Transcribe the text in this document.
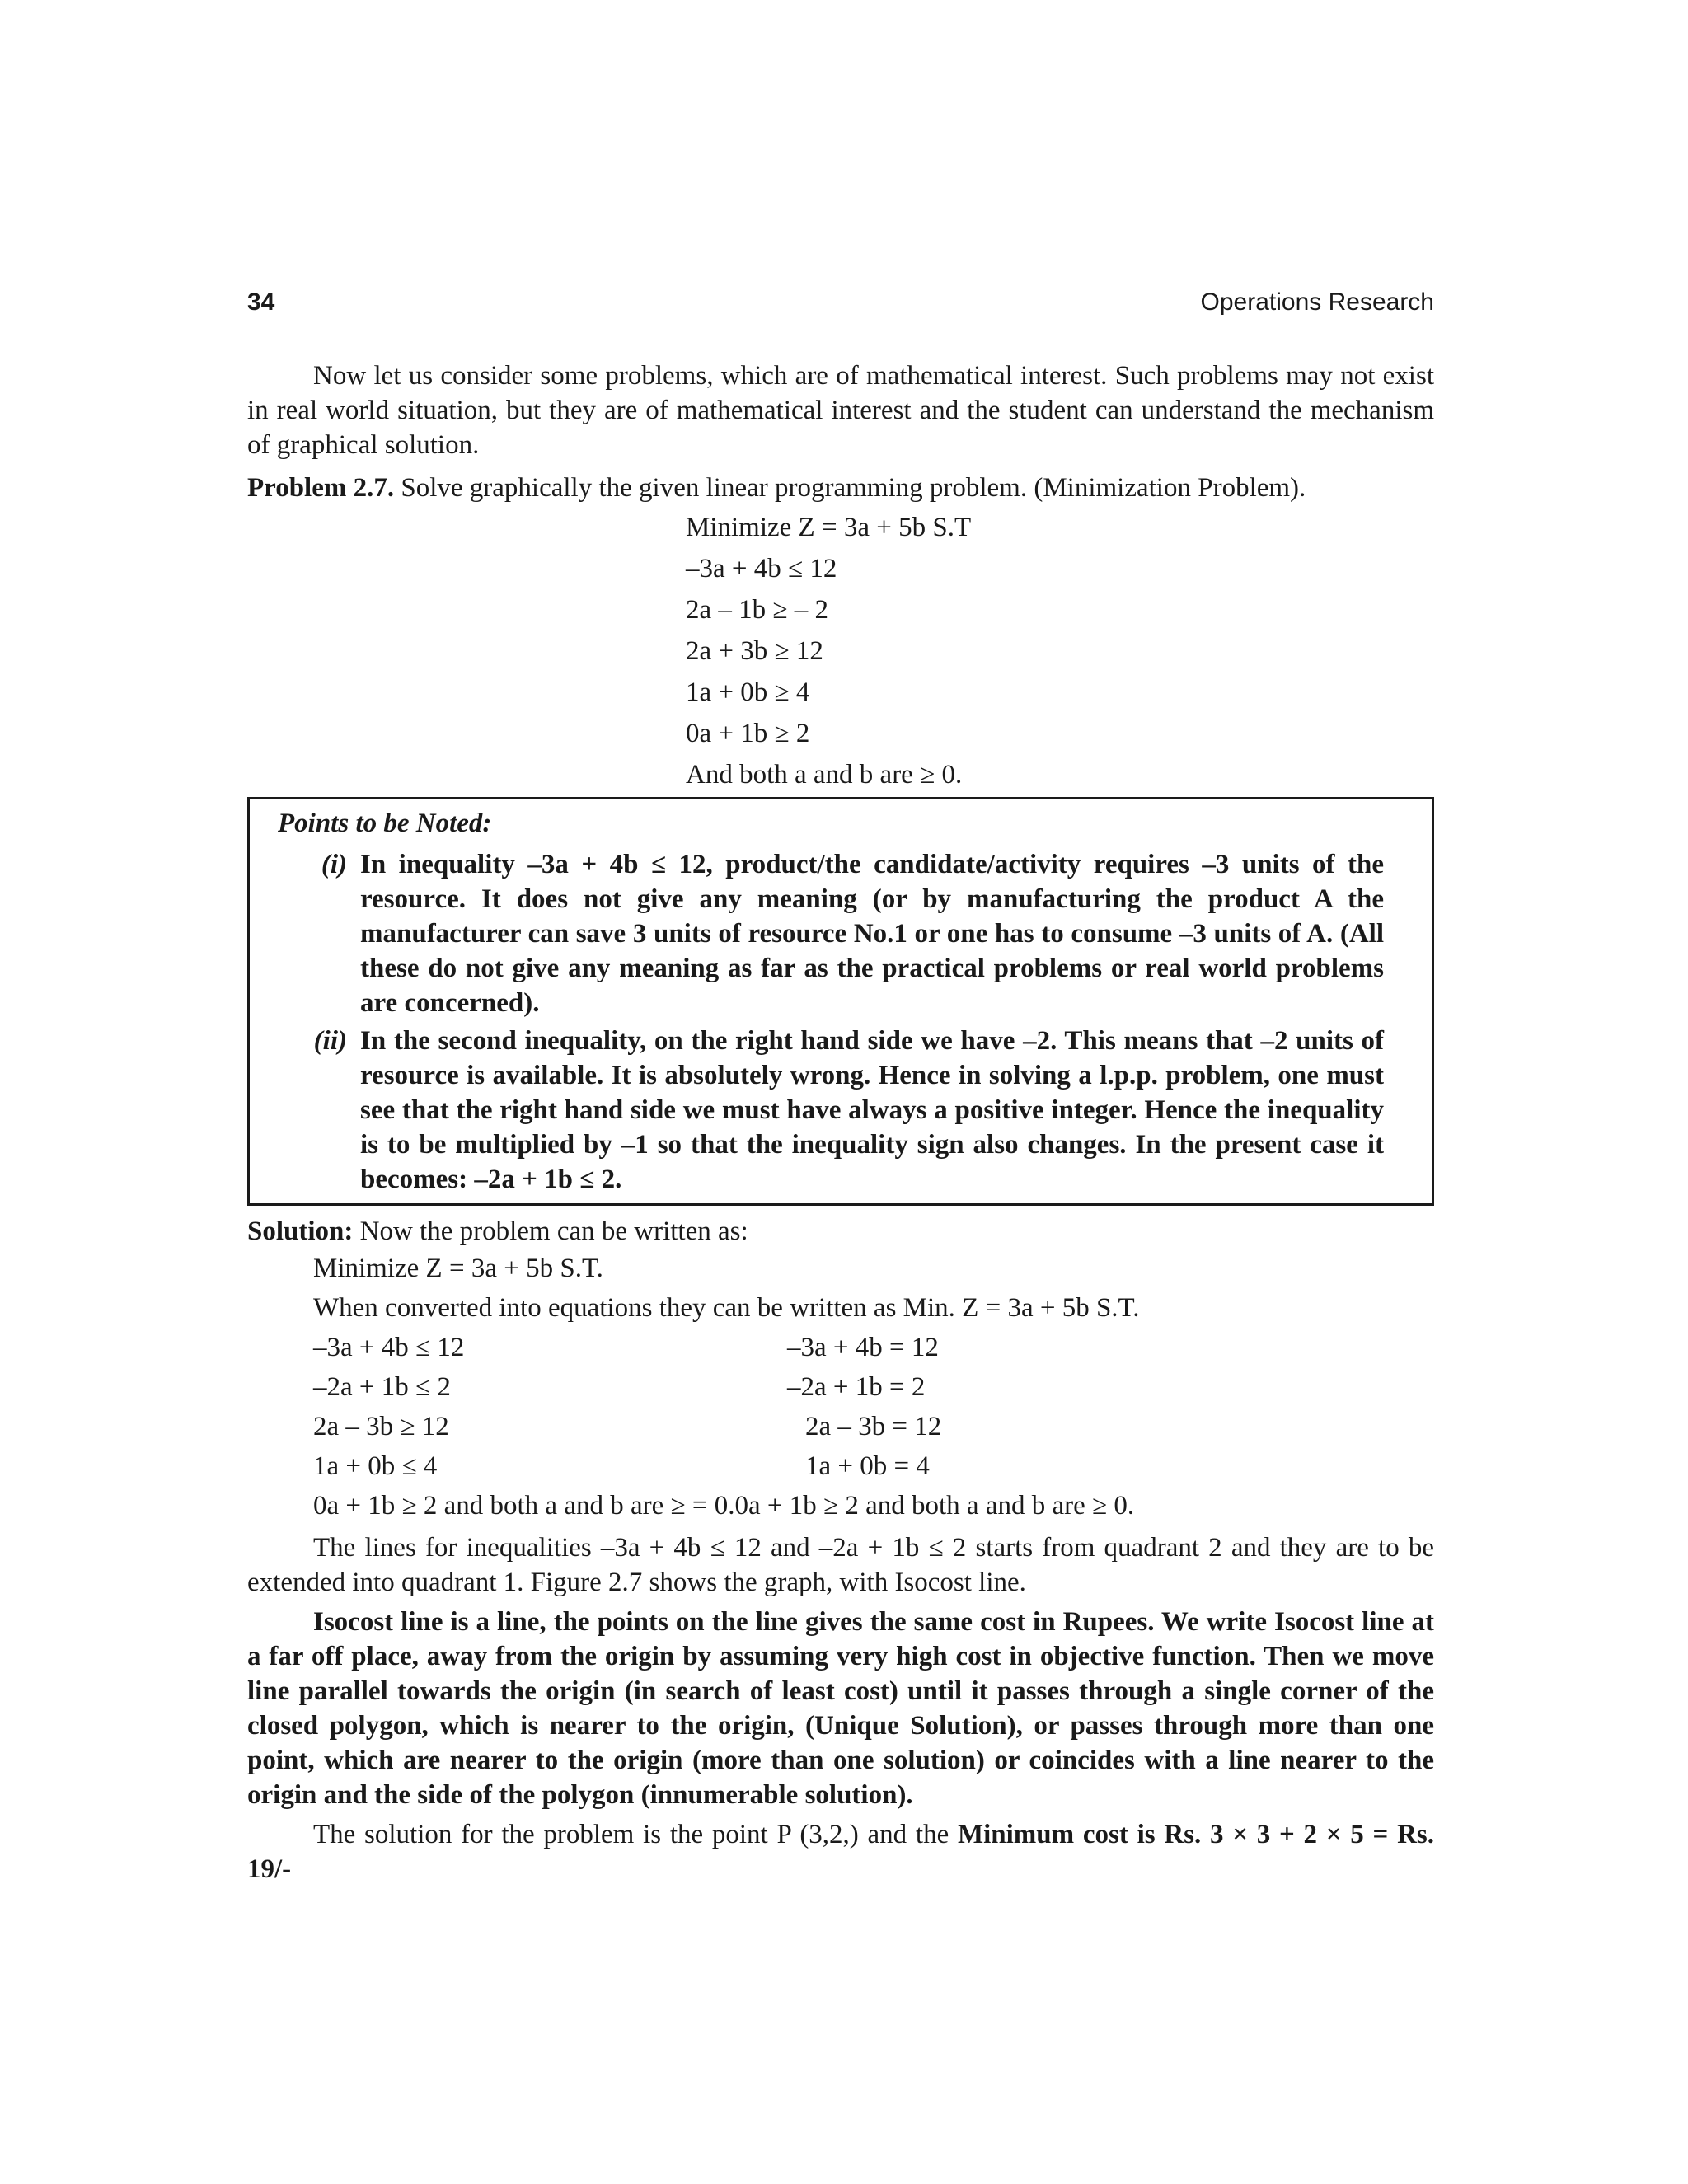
34	Operations Research

Now let us consider some problems, which are of mathematical interest. Such problems may not exist in real world situation, but they are of mathematical interest and the student can understand the mechanism of graphical solution.

Problem 2.7. Solve graphically the given linear programming problem. (Minimization Problem).

Minimize Z = 3a + 5b S.T
–3a + 4b ≤ 12
2a – 1b ≥ – 2
2a + 3b ≥ 12
1a + 0b ≥ 4
0a + 1b ≥ 2
And both a and b are ≥ 0.
Points to be Noted:
(i) In inequality –3a + 4b ≤ 12, product/the candidate/activity requires –3 units of the resource. It does not give any meaning (or by manufacturing the product A the manufacturer can save 3 units of resource No.1 or one has to consume –3 units of A. (All these do not give any meaning as far as the practical problems or real world problems are concerned).
(ii) In the second inequality, on the right hand side we have –2. This means that –2 units of resource is available. It is absolutely wrong. Hence in solving a l.p.p. problem, one must see that the right hand side we must have always a positive integer. Hence the inequality is to be multiplied by –1 so that the inequality sign also changes. In the present case it becomes: –2a + 1b ≤ 2.

Solution: Now the problem can be written as:

Minimize Z = 3a + 5b S.T.
When converted into equations they can be written as Min. Z = 3a + 5b S.T.
–3a + 4b ≤ 12	–3a + 4b = 12
–2a + 1b ≤ 2	–2a + 1b = 2
2a – 3b ≥ 12	2a – 3b = 12
1a + 0b ≤ 4	1a + 0b = 4
0a + 1b ≥ 2 and both a and b are ≥ = 0.0a + 1b ≥ 2 and both a and b are ≥ 0.

The lines for inequalities –3a + 4b ≤ 12 and –2a + 1b ≤ 2 starts from quadrant 2 and they are to be extended into quadrant 1. Figure 2.7 shows the graph, with Isocost line.

Isocost line is a line, the points on the line gives the same cost in Rupees. We write Isocost line at a far off place, away from the origin by assuming very high cost in objective function. Then we move line parallel towards the origin (in search of least cost) until it passes through a single corner of the closed polygon, which is nearer to the origin, (Unique Solution), or passes through more than one point, which are nearer to the origin (more than one solution) or coincides with a line nearer to the origin and the side of the polygon (innumerable solution).

The solution for the problem is the point P (3,2,) and the Minimum cost is Rs. 3 × 3 + 2 × 5 = Rs. 19/-
